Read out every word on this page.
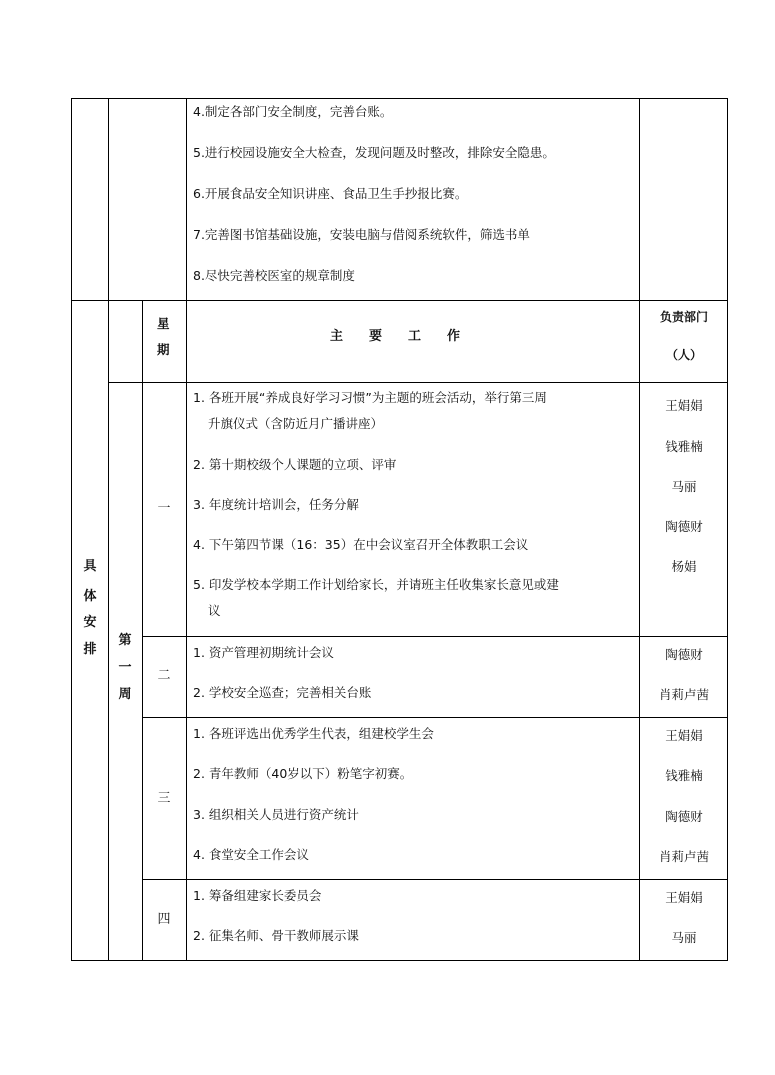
4.制定各部门安全制度，完善台账。
5.进行校园设施安全大检查，发现问题及时整改，排除安全隐患。
6.开展食品安全知识讲座、食品卫生手抄报比赛。
7.完善图书馆基础设施，安装电脑与借阅系统软件，筛选书单
8.尽快完善校医室的规章制度
星
期
主　　要　　工　　作
负责部门
（人）
具
体
安
排
第
一
周
一
1. 各班开展“养成良好学习习惯”为主题的班会活动，举行第三周
升旗仪式（含防近月广播讲座）
2. 第十期校级个人课题的立项、评审
3. 年度统计培训会，任务分解
4. 下午第四节课（16：35）在中会议室召开全体教职工会议
5. 印发学校本学期工作计划给家长，并请班主任收集家长意见或建
议
王娟娟
钱雅楠
马丽
陶德财
杨娟
二
1. 资产管理初期统计会议
2. 学校安全巡查；完善相关台账
陶德财
肖莉卢茜
三
1. 各班评选出优秀学生代表，组建校学生会
2. 青年教师（40岁以下）粉笔字初赛。
3. 组织相关人员进行资产统计
4. 食堂安全工作会议
王娟娟
钱雅楠
陶德财
肖莉卢茜
四
1. 筹备组建家长委员会
2. 征集名师、骨干教师展示课
王娟娟
马丽
